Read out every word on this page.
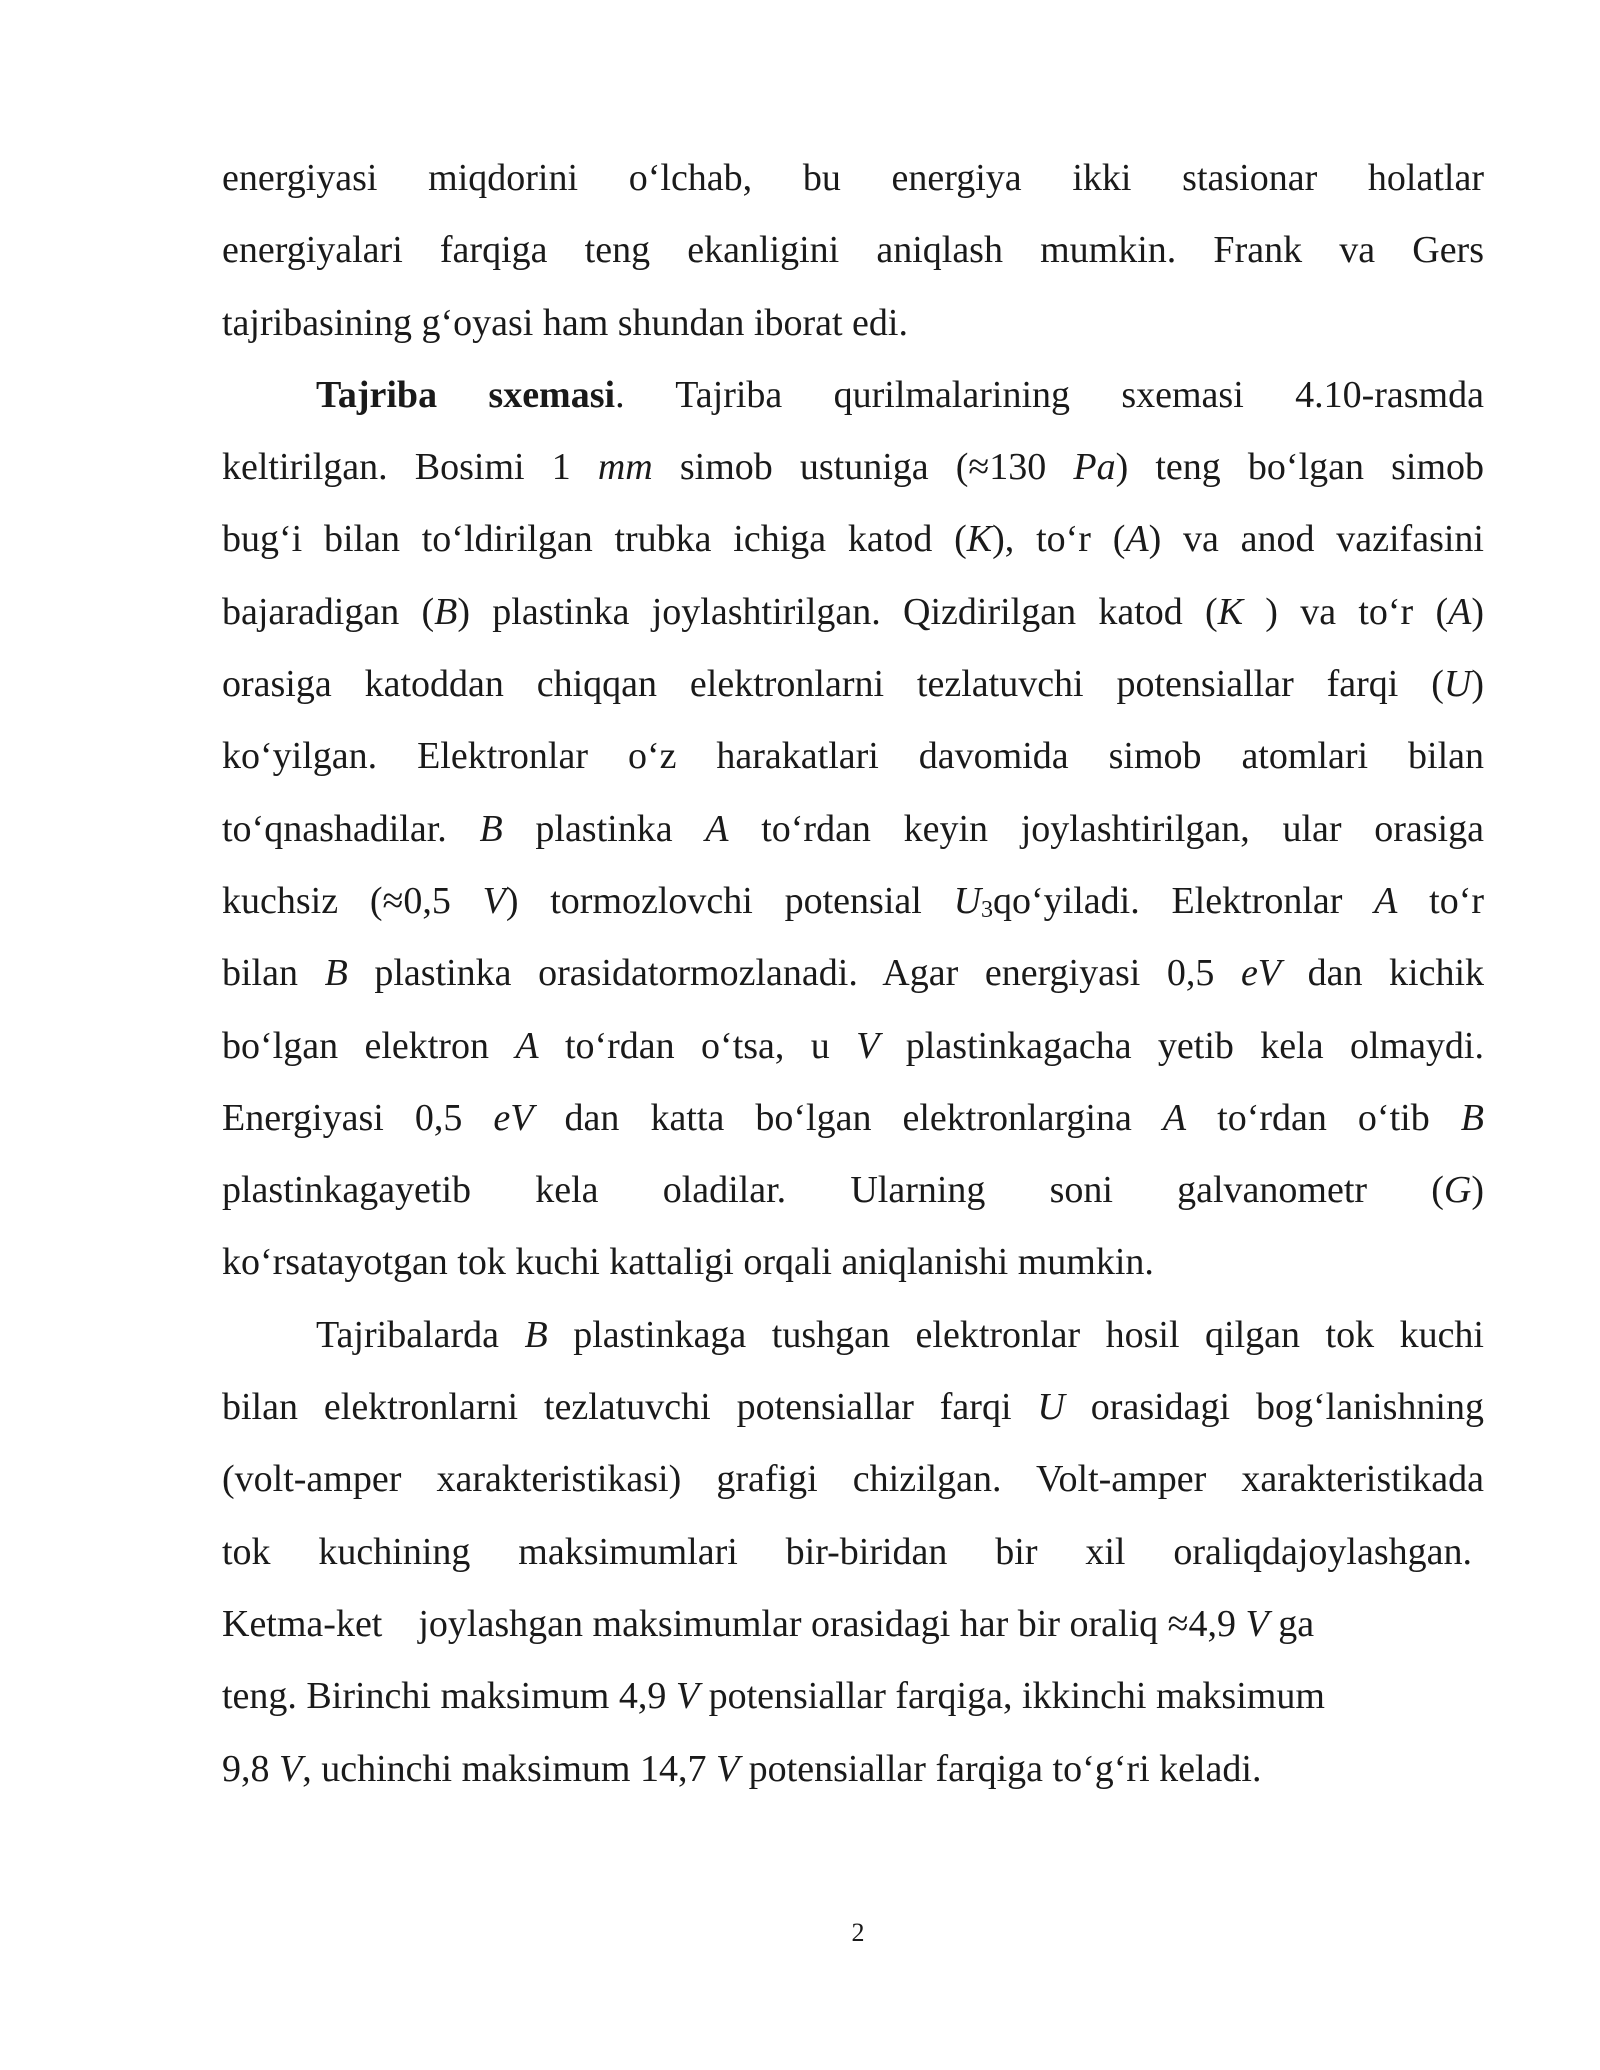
energiyasi miqdorini o‘lchab, bu energiya ikki stasionar holatlar
energiyalari farqiga teng ekanligini aniqlash mumkin. Frank va Gers
tajribasining g‘oyasi ham shundan iborat edi.
Tajriba sxemasi. Tajriba qurilmalarining sxemasi 4.10-rasmda
keltirilgan. Bosimi 1 mm simob ustuniga (≈130 Pa) teng bo‘lgan simob
bug‘i bilan to‘ldirilgan trubka ichiga katod (K), to‘r (A) va anod vazifasini
bajaradigan (B) plastinka joylashtirilgan. Qizdirilgan katod (K ) va to‘r (A)
orasiga katoddan chiqqan elektronlarni tezlatuvchi potensiallar farqi (U)
ko‘yilgan. Elektronlar o‘z harakatlari davomida simob atomlari bilan
to‘qnashadilar. B plastinka A to‘rdan keyin joylashtirilgan, ular orasiga
kuchsiz (≈0,5 V) tormozlovchi potensial $U_3qo‘yiladi$. Elektronlar A to‘r
bilan B plastinka orasidatormozlanadi. Agar energiyasi 0,5 eV dan kichik
bo‘lgan elektron A to‘rdan o‘tsa, u V plastinkagacha yetib kela olmaydi.
Energiyasi 0,5 eV dan katta bo‘lgan elektronlargina A to‘rdan o‘tib B
plastinkagayetib kela oladilar. Ularning soni galvanometr (G)
ko‘rsatayotgan tok kuchi kattaligi orqali aniqlanishi mumkin.
Tajribalarda B plastinkaga tushgan elektronlar hosil qilgan tok kuchi
bilan elektronlarni tezlatuvchi potensiallar farqi U orasidagi bog‘lanishning
(volt-amper xarakteristikasi) grafigi chizilgan. Volt-amper xarakteristikada
tok kuchining maksimumlari bir-biridan bir xil oraliqdajoylashgan.
Ketma-ket joylashgan maksimumlar orasidagi har bir oraliq ≈4,9 V ga
teng. Birinchi maksimum 4,9 V potensiallar farqiga, ikkinchi maksimum
9,8 V, uchinchi maksimum 14,7 V potensiallar farqiga to‘g‘ri keladi.
2
